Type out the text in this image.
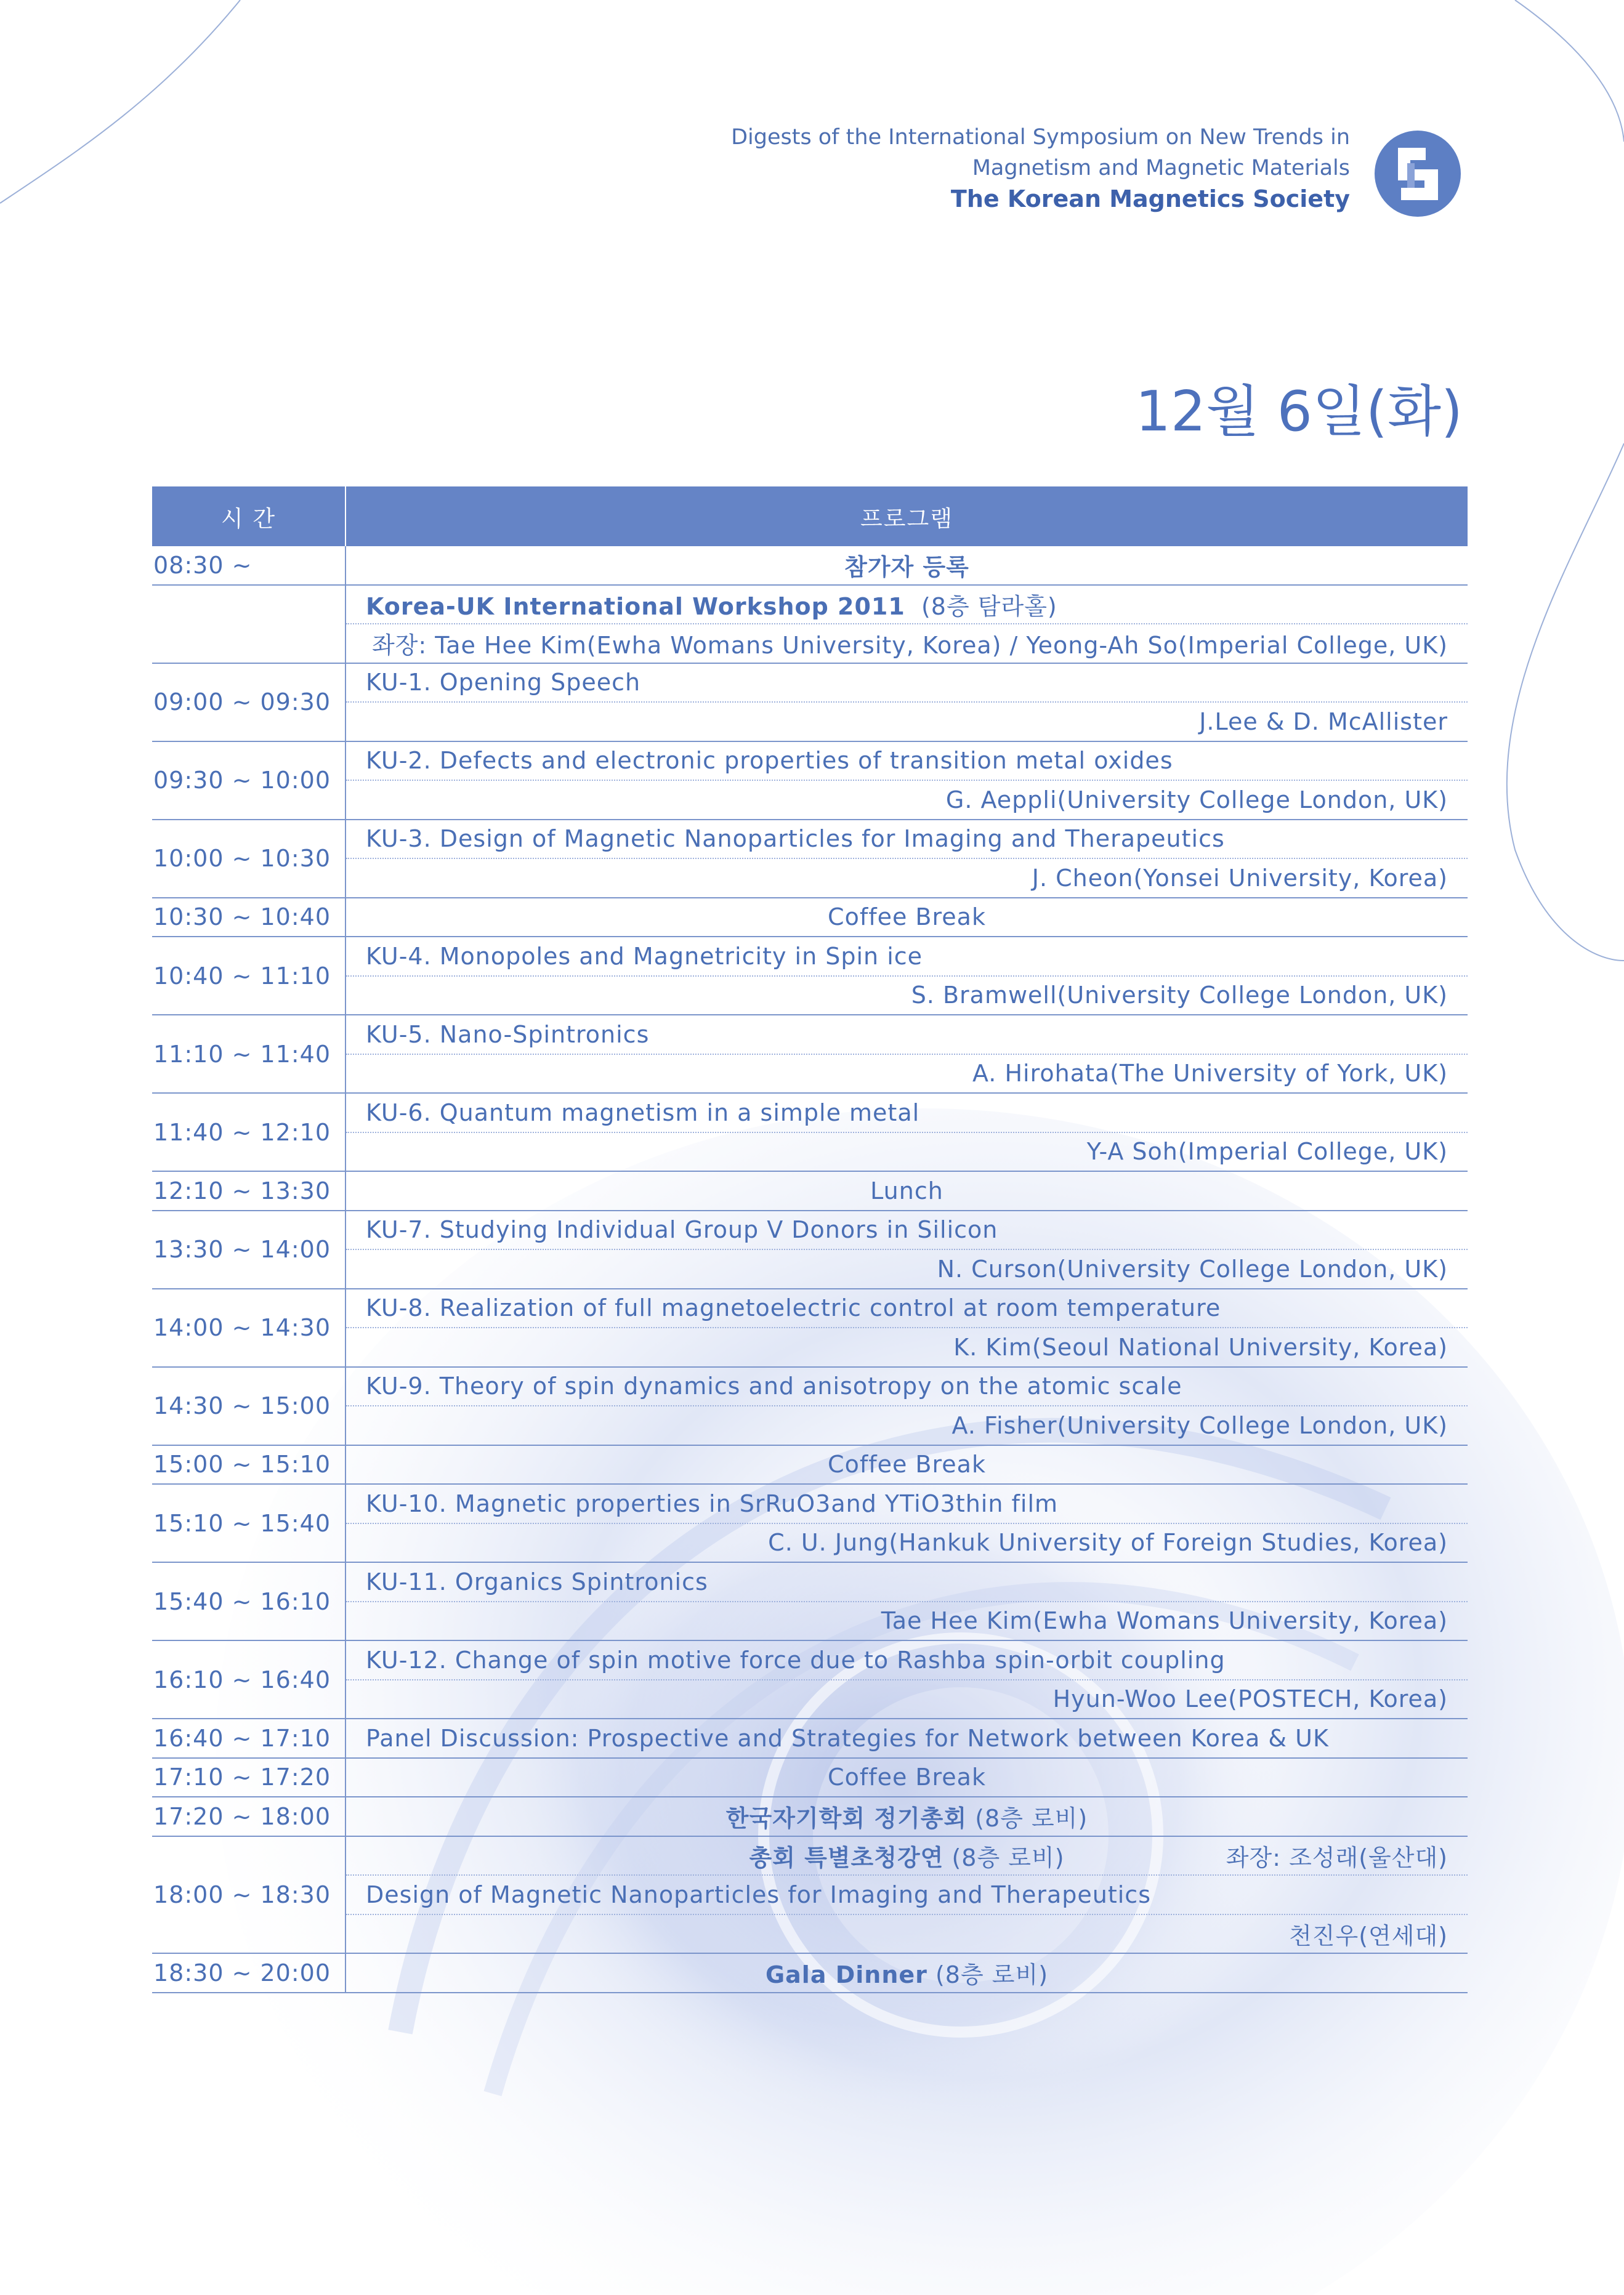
Digests of the International Symposium on New Trends in
Magnetism and Magnetic Materials
The Korean Magnetics Society
12월 6일(화)
시 간	프로그램
08:30 ~	참가자 등록
	Korea-UK International Workshop 2011 (8층 탐라홀)
	좌장: Tae Hee Kim(Ewha Womans University, Korea) / Yeong-Ah So(Imperial College, UK)
09:00 ~ 09:30	KU-1. Opening Speech
	J.Lee & D. McAllister
09:30 ~ 10:00	KU-2. Defects and electronic properties of transition metal oxides
	G. Aeppli(University College London, UK)
10:00 ~ 10:30	KU-3. Design of Magnetic Nanoparticles for Imaging and Therapeutics
	J. Cheon(Yonsei University, Korea)
10:30 ~ 10:40	Coffee Break
10:40 ~ 11:10	KU-4. Monopoles and Magnetricity in Spin ice
	S. Bramwell(University College London, UK)
11:10 ~ 11:40	KU-5. Nano-Spintronics
	A. Hirohata(The University of York, UK)
11:40 ~ 12:10	KU-6. Quantum magnetism in a simple metal
	Y-A Soh(Imperial College, UK)
12:10 ~ 13:30	Lunch
13:30 ~ 14:00	KU-7. Studying Individual Group V Donors in Silicon
	N. Curson(University College London, UK)
14:00 ~ 14:30	KU-8. Realization of full magnetoelectric control at room temperature
	K. Kim(Seoul National University, Korea)
14:30 ~ 15:00	KU-9. Theory of spin dynamics and anisotropy on the atomic scale
	A. Fisher(University College London, UK)
15:00 ~ 15:10	Coffee Break
15:10 ~ 15:40	KU-10. Magnetic properties in SrRuO3and YTiO3thin film
	C. U. Jung(Hankuk University of Foreign Studies, Korea)
15:40 ~ 16:10	KU-11. Organics Spintronics
	Tae Hee Kim(Ewha Womans University, Korea)
16:10 ~ 16:40	KU-12. Change of spin motive force due to Rashba spin-orbit coupling
	Hyun-Woo Lee(POSTECH, Korea)
16:40 ~ 17:10	Panel Discussion: Prospective and Strategies for Network between Korea & UK
17:10 ~ 17:20	Coffee Break
17:20 ~ 18:00	한국자기학회 정기총회 (8층 로비)
18:00 ~ 18:30	총회 특별초청강연 (8층 로비) 좌장: 조성래(울산대)

	Design of Magnetic Nanoparticles for Imaging and Therapeutics
	천진우(연세대)
18:30 ~ 20:00	Gala Dinner (8층 로비)
